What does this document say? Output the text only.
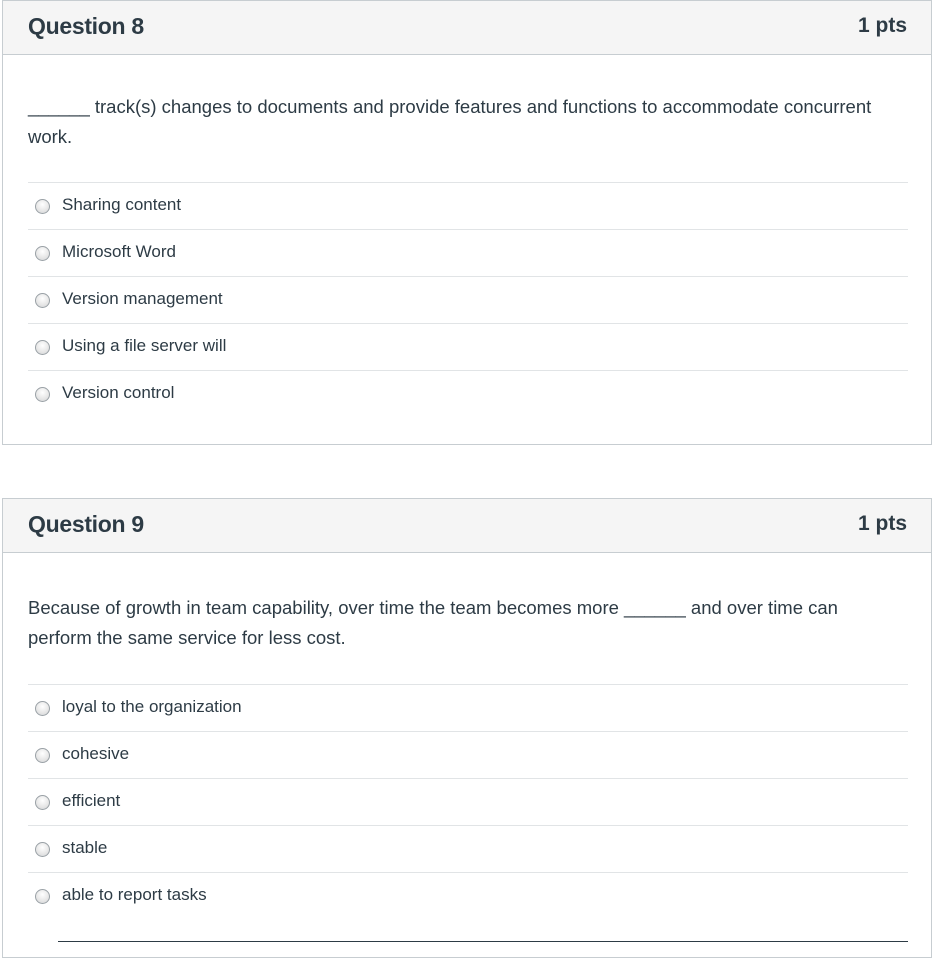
Question 8	1 pts
______ track(s) changes to documents and provide features and functions to accommodate concurrent work.
Sharing content
Microsoft Word
Version management
Using a file server will
Version control
Question 9	1 pts
Because of growth in team capability, over time the team becomes more ______ and over time can perform the same service for less cost.
loyal to the organization
cohesive
efficient
stable
able to report tasks
